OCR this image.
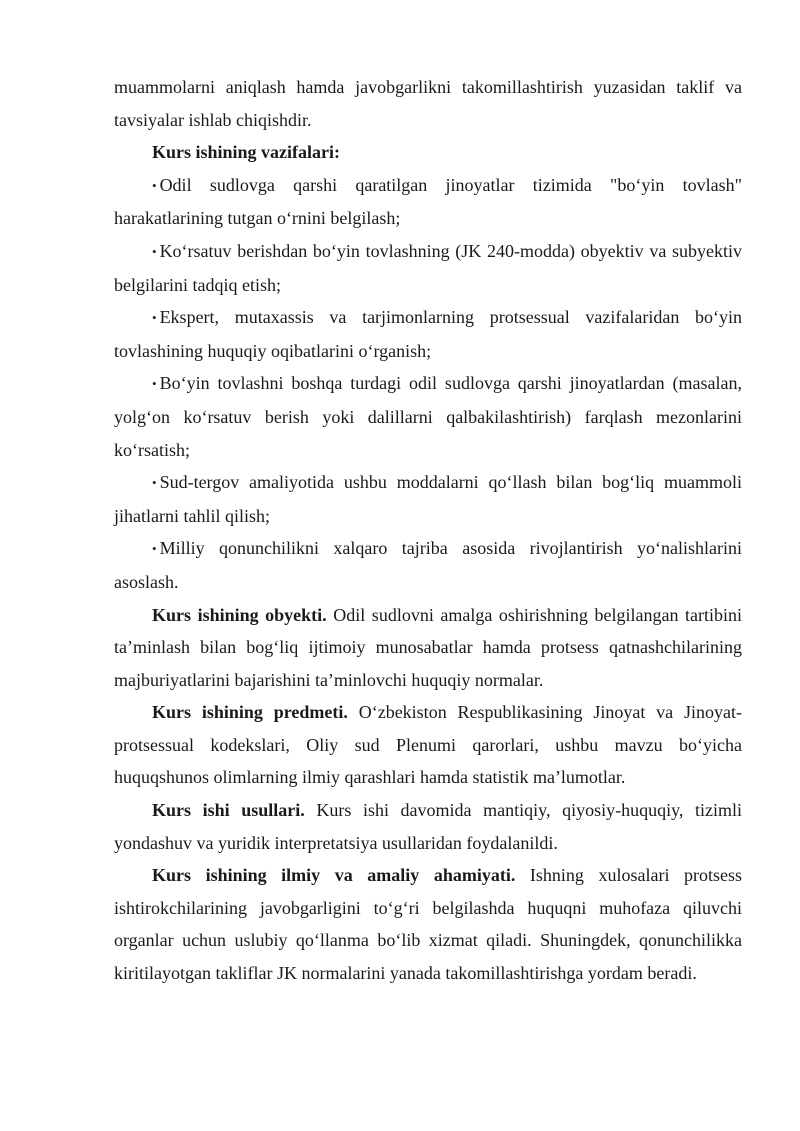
muammolarni aniqlash hamda javobgarlikni takomillashtirish yuzasidan taklif va tavsiyalar ishlab chiqishdir.

Kurs ishining vazifalari:

• Odil sudlovga qarshi qaratilgan jinoyatlar tizimida "bo‘yin tovlash" harakatlarining tutgan o‘rnini belgilash;

• Ko‘rsatuv berishdan bo‘yin tovlashning (JK 240-modda) obyektiv va subyektiv belgilarini tadqiq etish;

• Ekspert, mutaxassis va tarjimonlarning protsessual vazifalaridan bo‘yin tovlashining huquqiy oqibatlarini o‘rganish;

• Bo‘yin tovlashni boshqa turdagi odil sudlovga qarshi jinoyatlardan (masalan, yolg‘on ko‘rsatuv berish yoki dalillarni qalbakilashtirish) farqlash mezonlarini ko‘rsatish;

• Sud-tergov amaliyotida ushbu moddalarni qo‘llash bilan bog‘liq muammoli jihatlarni tahlil qilish;

• Milliy qonunchilikni xalqaro tajriba asosida rivojlantirish yo‘nalishlarini asoslash.

Kurs ishining obyekti. Odil sudlovni amalga oshirishning belgilangan tartibini ta’minlash bilan bog‘liq ijtimoiy munosabatlar hamda protsess qatnashchilarining majburiyatlarini bajarishini ta’minlovchi huquqiy normalar.

Kurs ishining predmeti. O‘zbekiston Respublikasining Jinoyat va Jinoyat-protsessual kodekslari, Oliy sud Plenumi qarorlari, ushbu mavzu bo‘yicha huquqshunos olimlarning ilmiy qarashlari hamda statistik ma’lumotlar.

Kurs ishi usullari. Kurs ishi davomida mantiqiy, qiyosiy-huquqiy, tizimli yondashuv va yuridik interpretatsiya usullaridan foydalanildi.

Kurs ishining ilmiy va amaliy ahamiyati. Ishning xulosalari protsess ishtirokchilarining javobgarligini to‘g‘ri belgilashda huquqni muhofaza qiluvchi organlar uchun uslubiy qo‘llanma bo‘lib xizmat qiladi. Shuningdek, qonunchilikka kiritilayotgan takliflar JK normalarini yanada takomillashtirishga yordam beradi.
